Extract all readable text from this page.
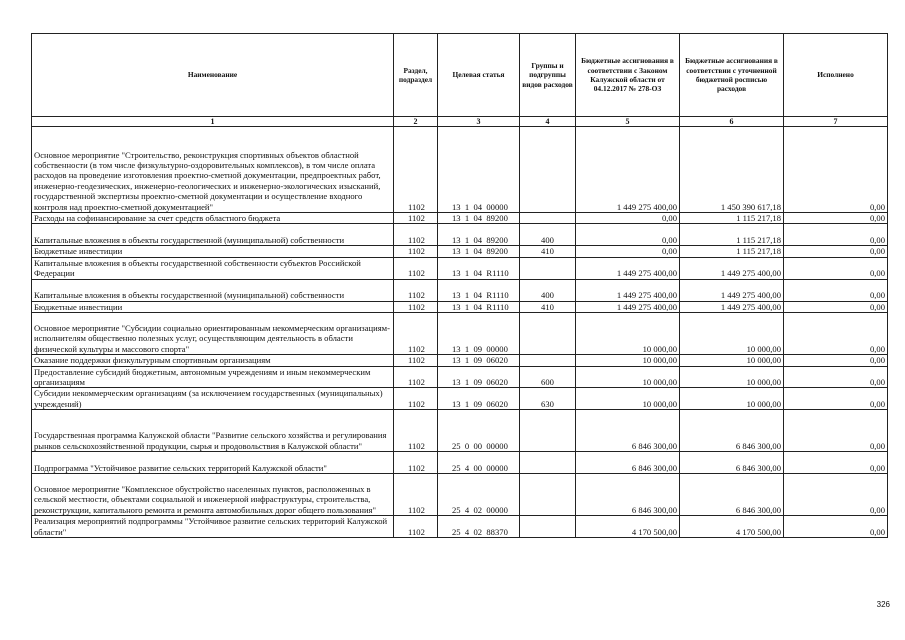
Наименование	Раздел, подраздел	Целевая статья	Группы и подгруппы видов расходов	Бюджетные ассигнования в соответствии с Законом Калужской области от 04.12.2017 № 278-ОЗ	Бюджетные ассигнования в соответствии с уточненной бюджетной росписью расходов	Исполнено
1	2	3	4	5	6	7
Основное мероприятие "Строительство, реконструкция спортивных объектов областной собственности (в том числе физкультурно-оздоровительных комплексов), в том числе оплата расходов на проведение изготовления проектно-сметной документации, предпроектных работ, инженерно-геодезических, инженерно-геологических и инженерно-экологических изысканий, государственной экспертизы проектно-сметной документации и осуществление входного контроля над проектно-сметной документацией"	1102	13  1  04  00000		1 449 275 400,00	1 450 390 617,18	0,00
Расходы на софинансирование за счет средств областного бюджета	1102	13  1  04  89200		0,00	1 115 217,18	0,00
Капитальные вложения в объекты государственной (муниципальной) собственности	1102	13  1  04  89200	400	0,00	1 115 217,18	0,00
Бюджетные инвестиции	1102	13  1  04  89200	410	0,00	1 115 217,18	0,00
Капитальные вложения в объекты государственной собственности субъектов Российской Федерации	1102	13  1  04  R1110		1 449 275 400,00	1 449 275 400,00	0,00
Капитальные вложения в объекты государственной (муниципальной) собственности	1102	13  1  04  R1110	400	1 449 275 400,00	1 449 275 400,00	0,00
Бюджетные инвестиции	1102	13  1  04  R1110	410	1 449 275 400,00	1 449 275 400,00	0,00
Основное мероприятие "Субсидии социально ориентированным некоммерческим организациям-исполнителям общественно полезных услуг, осуществляющим деятельность в области физической культуры и массового спорта"	1102	13  1  09  00000		10 000,00	10 000,00	0,00
Оказание поддержки физкультурным спортивным организациям	1102	13  1  09  06020		10 000,00	10 000,00	0,00
Предоставление субсидий бюджетным, автономным учреждениям и иным некоммерческим организациям	1102	13  1  09  06020	600	10 000,00	10 000,00	0,00
Субсидии некоммерческим организациям (за исключением государственных (муниципальных) учреждений)	1102	13  1  09  06020	630	10 000,00	10 000,00	0,00
Государственная программа Калужской области "Развитие сельского хозяйства и регулирования рынков сельскохозяйственной продукции, сырья и продовольствия в Калужской области"	1102	25  0  00  00000		6 846 300,00	6 846 300,00	0,00
Подпрограмма "Устойчивое развитие сельских территорий Калужской области"	1102	25  4  00  00000		6 846 300,00	6 846 300,00	0,00
Основное мероприятие "Комплексное обустройство населенных пунктов, расположенных в сельской местности, объектами социальной и инженерной инфраструктуры, строительства, реконструкции, капитального ремонта и ремонта автомобильных дорог общего пользования"	1102	25  4  02  00000		6 846 300,00	6 846 300,00	0,00
Реализация мероприятий подпрограммы "Устойчивое развитие сельских территорий Калужской области"	1102	25  4  02  88370		4 170 500,00	4 170 500,00	0,00
326
